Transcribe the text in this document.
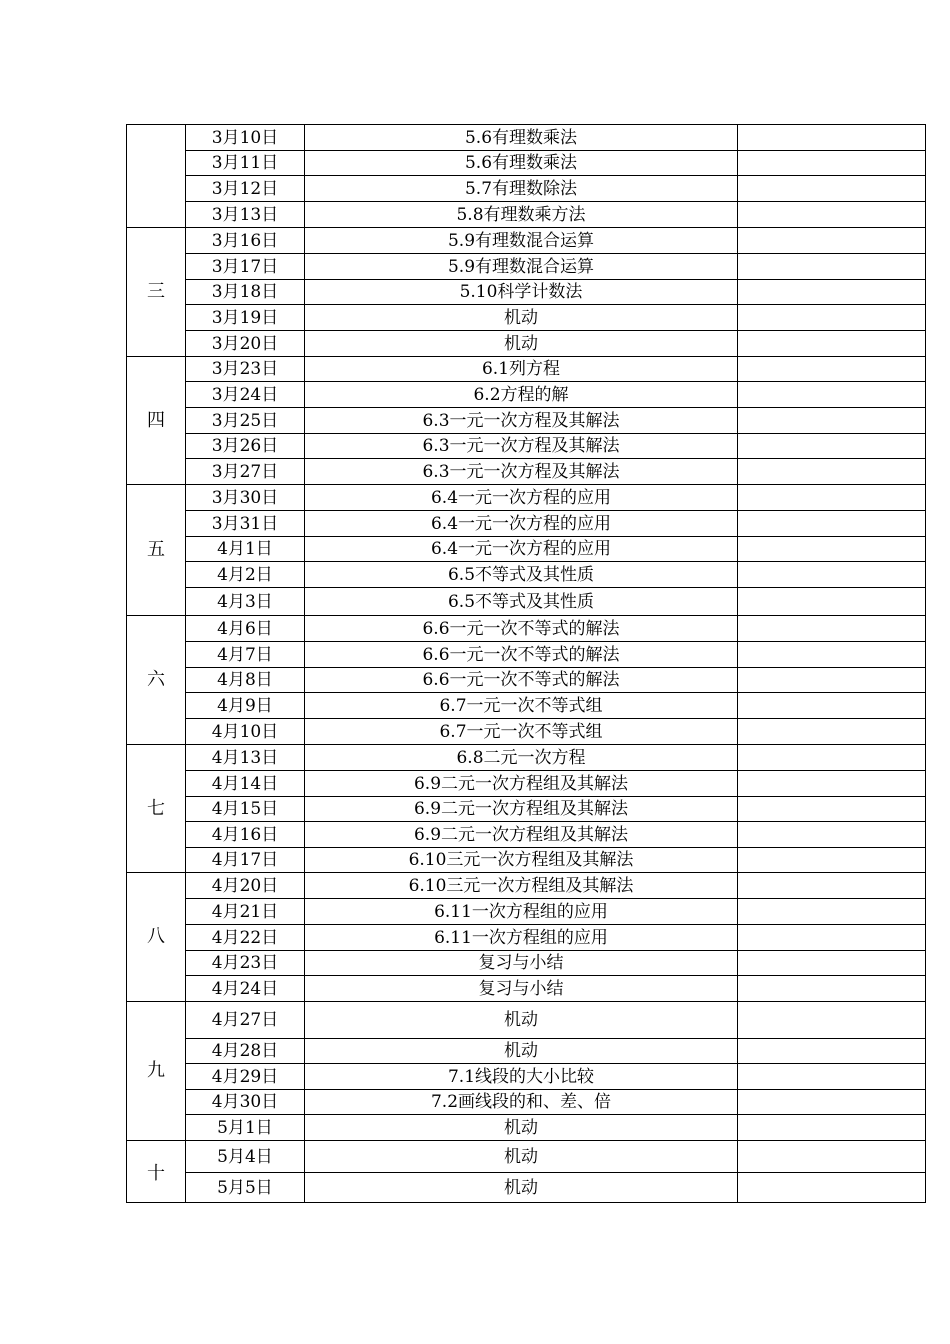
	3月10日	5.6有理数乘法	
	3月11日	5.6有理数乘法	
	3月12日	5.7有理数除法	
	3月13日	5.8有理数乘方法	
三	3月16日	5.9有理数混合运算	
	3月17日	5.9有理数混合运算	
	3月18日	5.10科学计数法	
	3月19日	机动	
	3月20日	机动	
四	3月23日	6.1列方程	
	3月24日	6.2方程的解	
	3月25日	6.3一元一次方程及其解法	
	3月26日	6.3一元一次方程及其解法	
	3月27日	6.3一元一次方程及其解法	
五	3月30日	6.4一元一次方程的应用	
	3月31日	6.4一元一次方程的应用	
	4月1日	6.4一元一次方程的应用	
	4月2日	6.5不等式及其性质	
	4月3日	6.5不等式及其性质	
六	4月6日	6.6一元一次不等式的解法	
	4月7日	6.6一元一次不等式的解法	
	4月8日	6.6一元一次不等式的解法	
	4月9日	6.7一元一次不等式组	
	4月10日	6.7一元一次不等式组	
七	4月13日	6.8二元一次方程	
	4月14日	6.9二元一次方程组及其解法	
	4月15日	6.9二元一次方程组及其解法	
	4月16日	6.9二元一次方程组及其解法	
	4月17日	6.10三元一次方程组及其解法	
八	4月20日	6.10三元一次方程组及其解法	
	4月21日	6.11一次方程组的应用	
	4月22日	6.11一次方程组的应用	
	4月23日	复习与小结	
	4月24日	复习与小结	
九	4月27日	机动	
	4月28日	机动	
	4月29日	7.1线段的大小比较	
	4月30日	7.2画线段的和、差、倍	
	5月1日	机动	
十	5月4日	机动	
	5月5日	机动	
